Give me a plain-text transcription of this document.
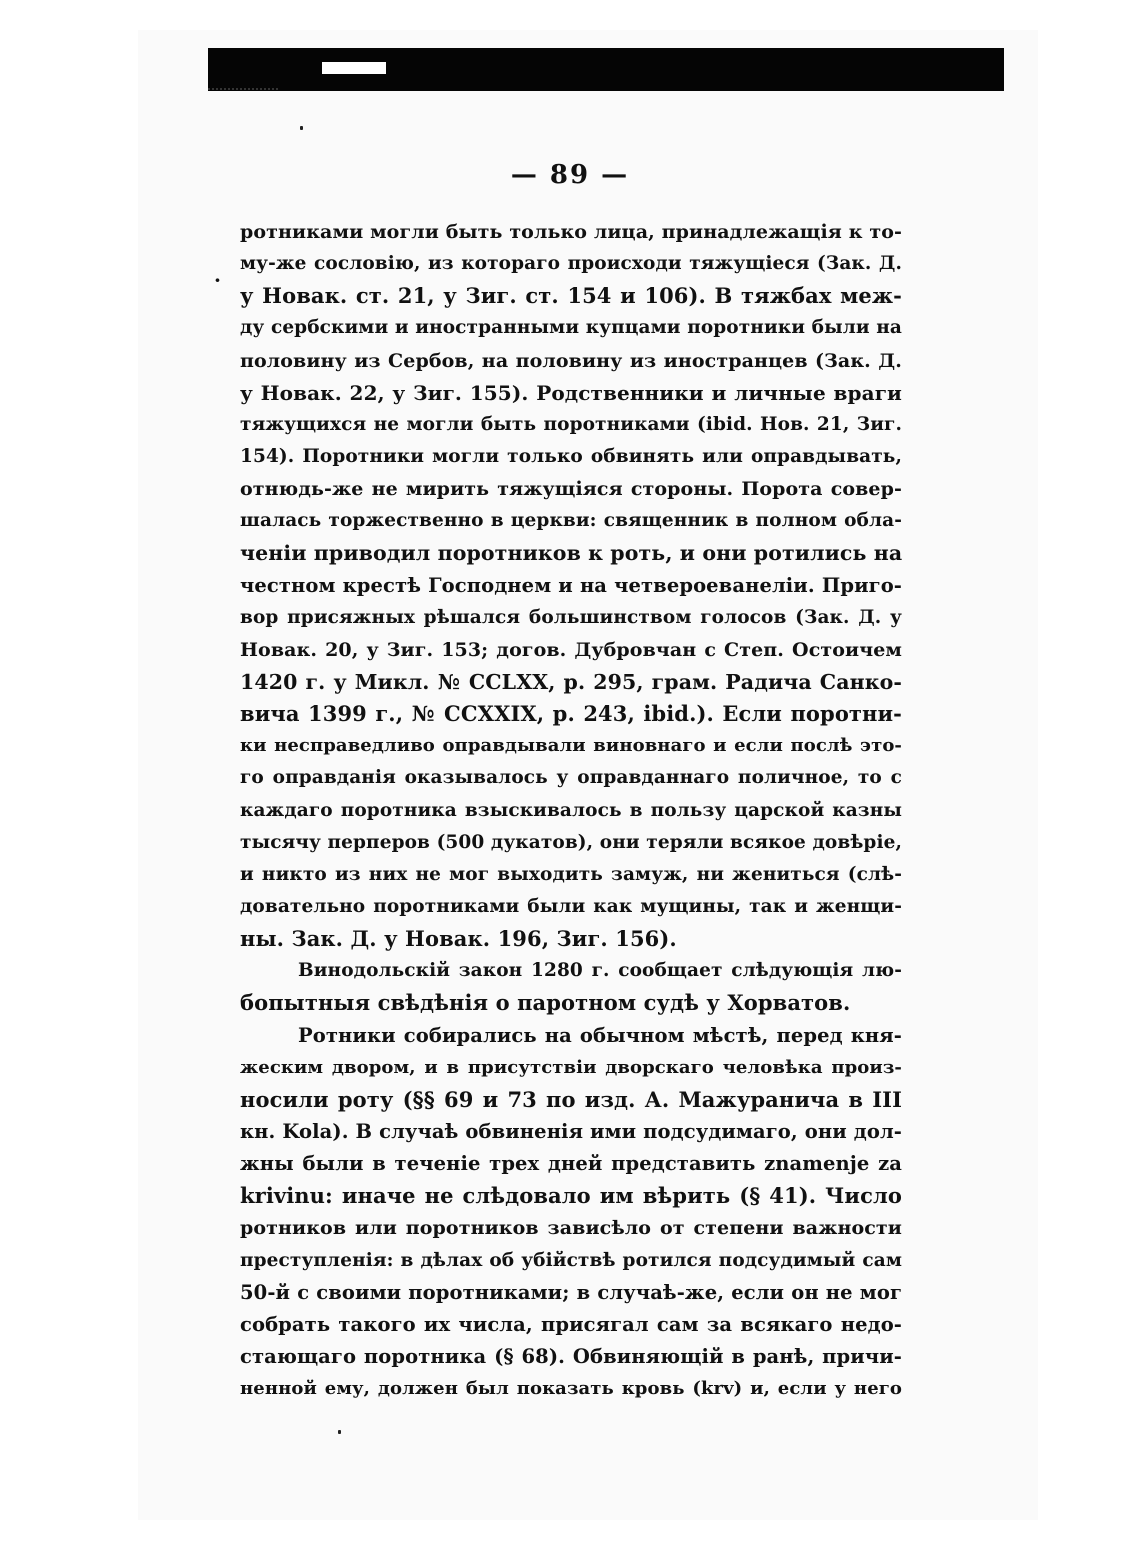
— 89 —
·
ротниками могли быть только лица, принадлежащія к то-
му-же сословію, из котораго происходи тяжущіеся (Зак. Д.
у Новак. ст. 21, у Зиг. ст. 154 и 106). В тяжбах меж-
ду сербскими и иностранными купцами поротники были на
половину из Сербов, на половину из иностранцев (Зак. Д.
у Новак. 22, у Зиг. 155). Родственники и личные враги
тяжущихся не могли быть поротниками (ibid. Нов. 21, Зиг.
154). Поротники могли только обвинять или оправдывать,
отнюдь-же не мирить тяжущіяся стороны. Порота совер-
шалась торжественно в церкви: священник в полном обла-
ченіи приводил поротников к роть, и они ротились на
честном крестѣ Господнем и на четвероеванеліи. Приго-
вор присяжных рѣшался большинством голосов (Зак. Д. у
Новак. 20, у Зиг. 153; догов. Дубровчан с Степ. Остоичем
1420 г. у Микл. № CCLXX, p. 295, грам. Радича Санко-
вича 1399 г., № CCXXIX, p. 243, ibid.). Если поротни-
ки несправедливо оправдывали виновнаго и если послѣ это-
го оправданія оказывалось у оправданнаго поличное, то с
каждаго поротника взыскивалось в пользу царской казны
тысячу перперов (500 дукатов), они теряли всякое довѣріе,
и никто из них не мог выходить замуж, ни жениться (слѣ-
довательно поротниками были как мущины, так и женщи-
ны. Зак. Д. у Новак. 196, Зиг. 156).
Винодольскій закон 1280 г. сообщает слѣдующія лю-
бопытныя свѣдѣнія о паротном судѣ у Хорватов.
Ротники собирались на обычном мѣстѣ, перед кня-
жеским двором, и в присутствіи дворскаго человѣка произ-
носили роту (§§ 69 и 73 по изд. А. Мажуранича в III
кн. Kola). В случаѣ обвиненія ими подсудимаго, они дол-
жны были в теченіе трех дней представить znamenje za
krivinu: иначе не слѣдовало им вѣрить (§ 41). Число
ротников или поротников зависѣло от степени важности
преступленія: в дѣлах об убійствѣ ротился подсудимый сам
50-й с своими поротниками; в случаѣ-же, если он не мог
собрать такого их числа, присягал сам за всякаго недо-
стающаго поротника (§ 68). Обвиняющій в ранѣ, причи-
ненной ему, должен был показать кровь (krv) и, если у него
